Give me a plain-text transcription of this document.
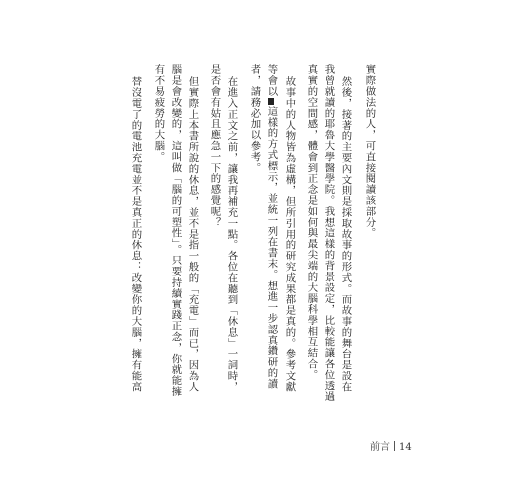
實際做法的人，可直接閱讀該部分。
然後，接著的主要內文則是採取故事的形式。而故事的舞台是設在
我曾就讀的耶魯大學醫學院。我想這樣的背景設定，比較能讓各位透過
真實的空間感，體會到正念是如何與最尖端的大腦科學相互結合。
故事中的人物皆為虛構，但所引用的研究成果都是真的。參考文獻
等會以這樣的方式標示，並統一列在書末。想進一步認真鑽研的讀
者，請務必加以參考。
在進入正文之前，讓我再補充一點。各位在聽到「休息」一詞時，
是否會有姑且應急一下的感覺呢？
但實際上本書所說的休息，並不是指一般的「充電」而已，因為人
腦是會改變的，這叫做「腦的可塑性」。只要持續實踐正念，你就能擁
有不易疲勞的大腦。
替沒電了的電池充電並不是真正的休息：改變你的大腦，擁有能高
前言 14
